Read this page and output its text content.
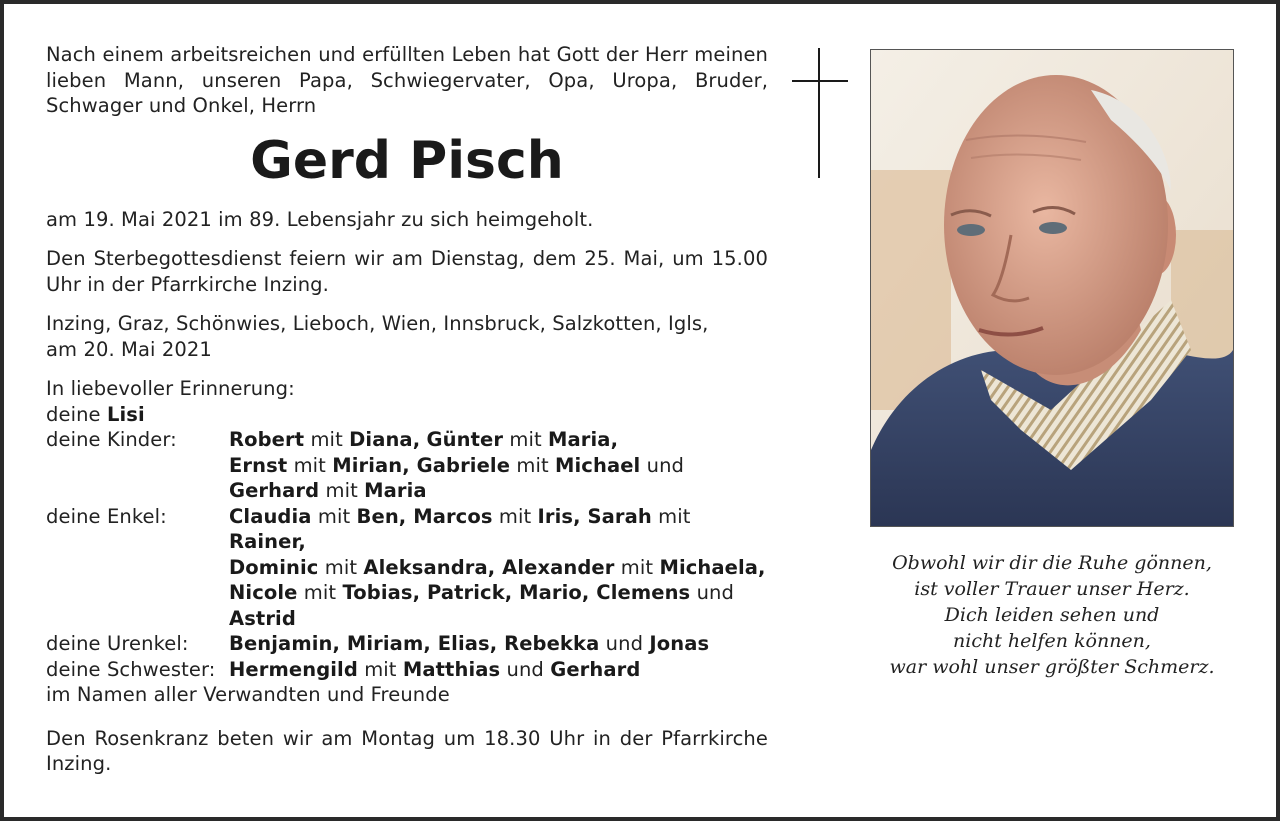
Nach einem arbeitsreichen und erfüllten Leben hat Gott der Herr meinen lieben Mann, unseren Papa, Schwiegervater, Opa, Uropa, Bruder, Schwager und Onkel, Herrn

Gerd Pisch

am 19. Mai 2021 im 89. Lebensjahr zu sich heimgeholt.

Den Sterbegottesdienst feiern wir am Dienstag, dem 25. Mai, um 15.00 Uhr in der Pfarrkirche Inzing.

Inzing, Graz, Schönwies, Lieboch, Wien, Innsbruck, Salzkotten, Igls,
am 20. Mai 2021

In liebevoller Erinnerung:
deine Lisi
deine Kinder:	Robert mit Diana, Günter mit Maria,
Ernst mit Mirian, Gabriele mit Michael und
Gerhard mit Maria
deine Enkel:	Claudia mit Ben, Marcos mit Iris, Sarah mit Rainer,
Dominic mit Aleksandra, Alexander mit Michaela,
Nicole mit Tobias, Patrick, Mario, Clemens und
Astrid
deine Urenkel:	Benjamin, Miriam, Elias, Rebekka und Jonas
deine Schwester: Hermengild mit Matthias und Gerhard
im Namen aller Verwandten und Freunde

Den Rosenkranz beten wir am Montag um 18.30 Uhr in der Pfarrkirche Inzing.

Obwohl wir dir die Ruhe gönnen,
ist voller Trauer unser Herz.
Dich leiden sehen und
nicht helfen können,
war wohl unser größter Schmerz.
